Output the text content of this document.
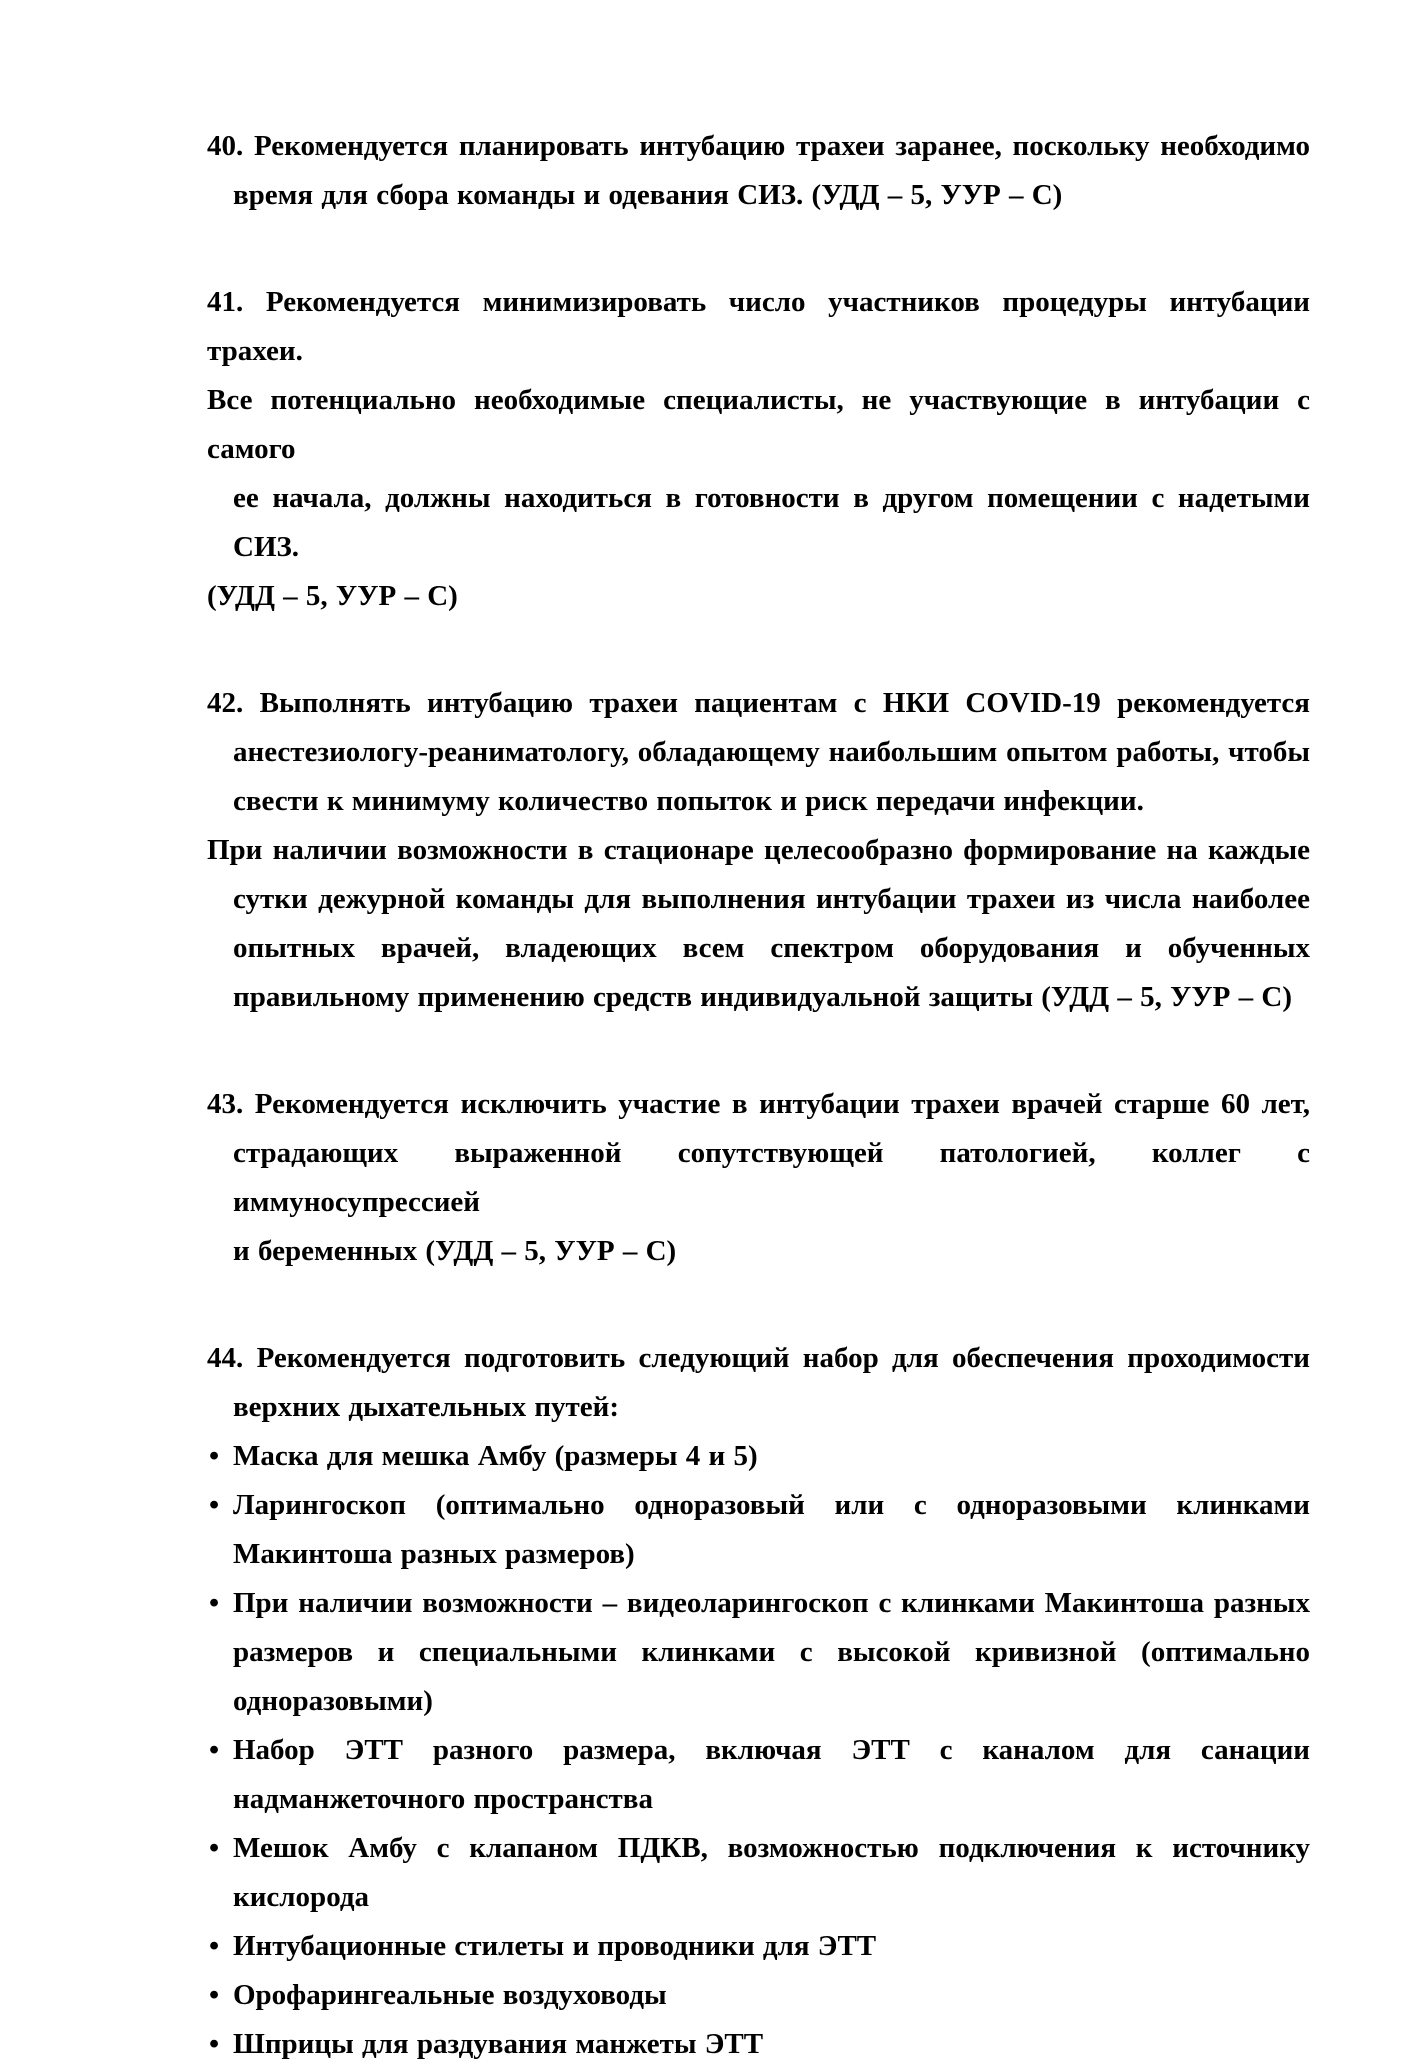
40. Рекомендуется планировать интубацию трахеи заранее, поскольку необходимо
время для сбора команды и одевания СИЗ. (УДД – 5, УУР – С)
41. Рекомендуется минимизировать число участников процедуры интубации трахеи.
Все потенциально необходимые специалисты, не участвующие в интубации с самого
ее начала, должны находиться в готовности в другом помещении с надетыми СИЗ.
(УДД – 5, УУР – С)
42. Выполнять интубацию трахеи пациентам с НКИ COVID-19 рекомендуется
анестезиологу-реаниматологу, обладающему наибольшим опытом работы, чтобы
свести к минимуму количество попыток и риск передачи инфекции.
При наличии возможности в стационаре целесообразно формирование на каждые
сутки дежурной команды для выполнения интубации трахеи из числа наиболее
опытных врачей, владеющих всем спектром оборудования и обученных
правильному применению средств индивидуальной защиты (УДД – 5, УУР – С)
43. Рекомендуется исключить участие в интубации трахеи врачей старше 60 лет,
страдающих выраженной сопутствующей патологией, коллег с иммуносупрессией
и беременных (УДД – 5, УУР – С)
44. Рекомендуется подготовить следующий набор для обеспечения проходимости
верхних дыхательных путей:
• Маска для мешка Амбу (размеры 4 и 5)
• Ларингоскоп (оптимально одноразовый или с одноразовыми клинками
Макинтоша разных размеров)
• При наличии возможности – видеоларингоскоп с клинками Макинтоша разных
размеров и специальными клинками с высокой кривизной (оптимально
одноразовыми)
• Набор ЭТТ разного размера, включая ЭТТ с каналом для санации
надманжеточного пространства
• Мешок Амбу с клапаном ПДКВ, возможностью подключения к источнику
кислорода
• Интубационные стилеты и проводники для ЭТТ
• Орофарингеальные воздуховоды
• Шприцы для раздувания манжеты ЭТТ
